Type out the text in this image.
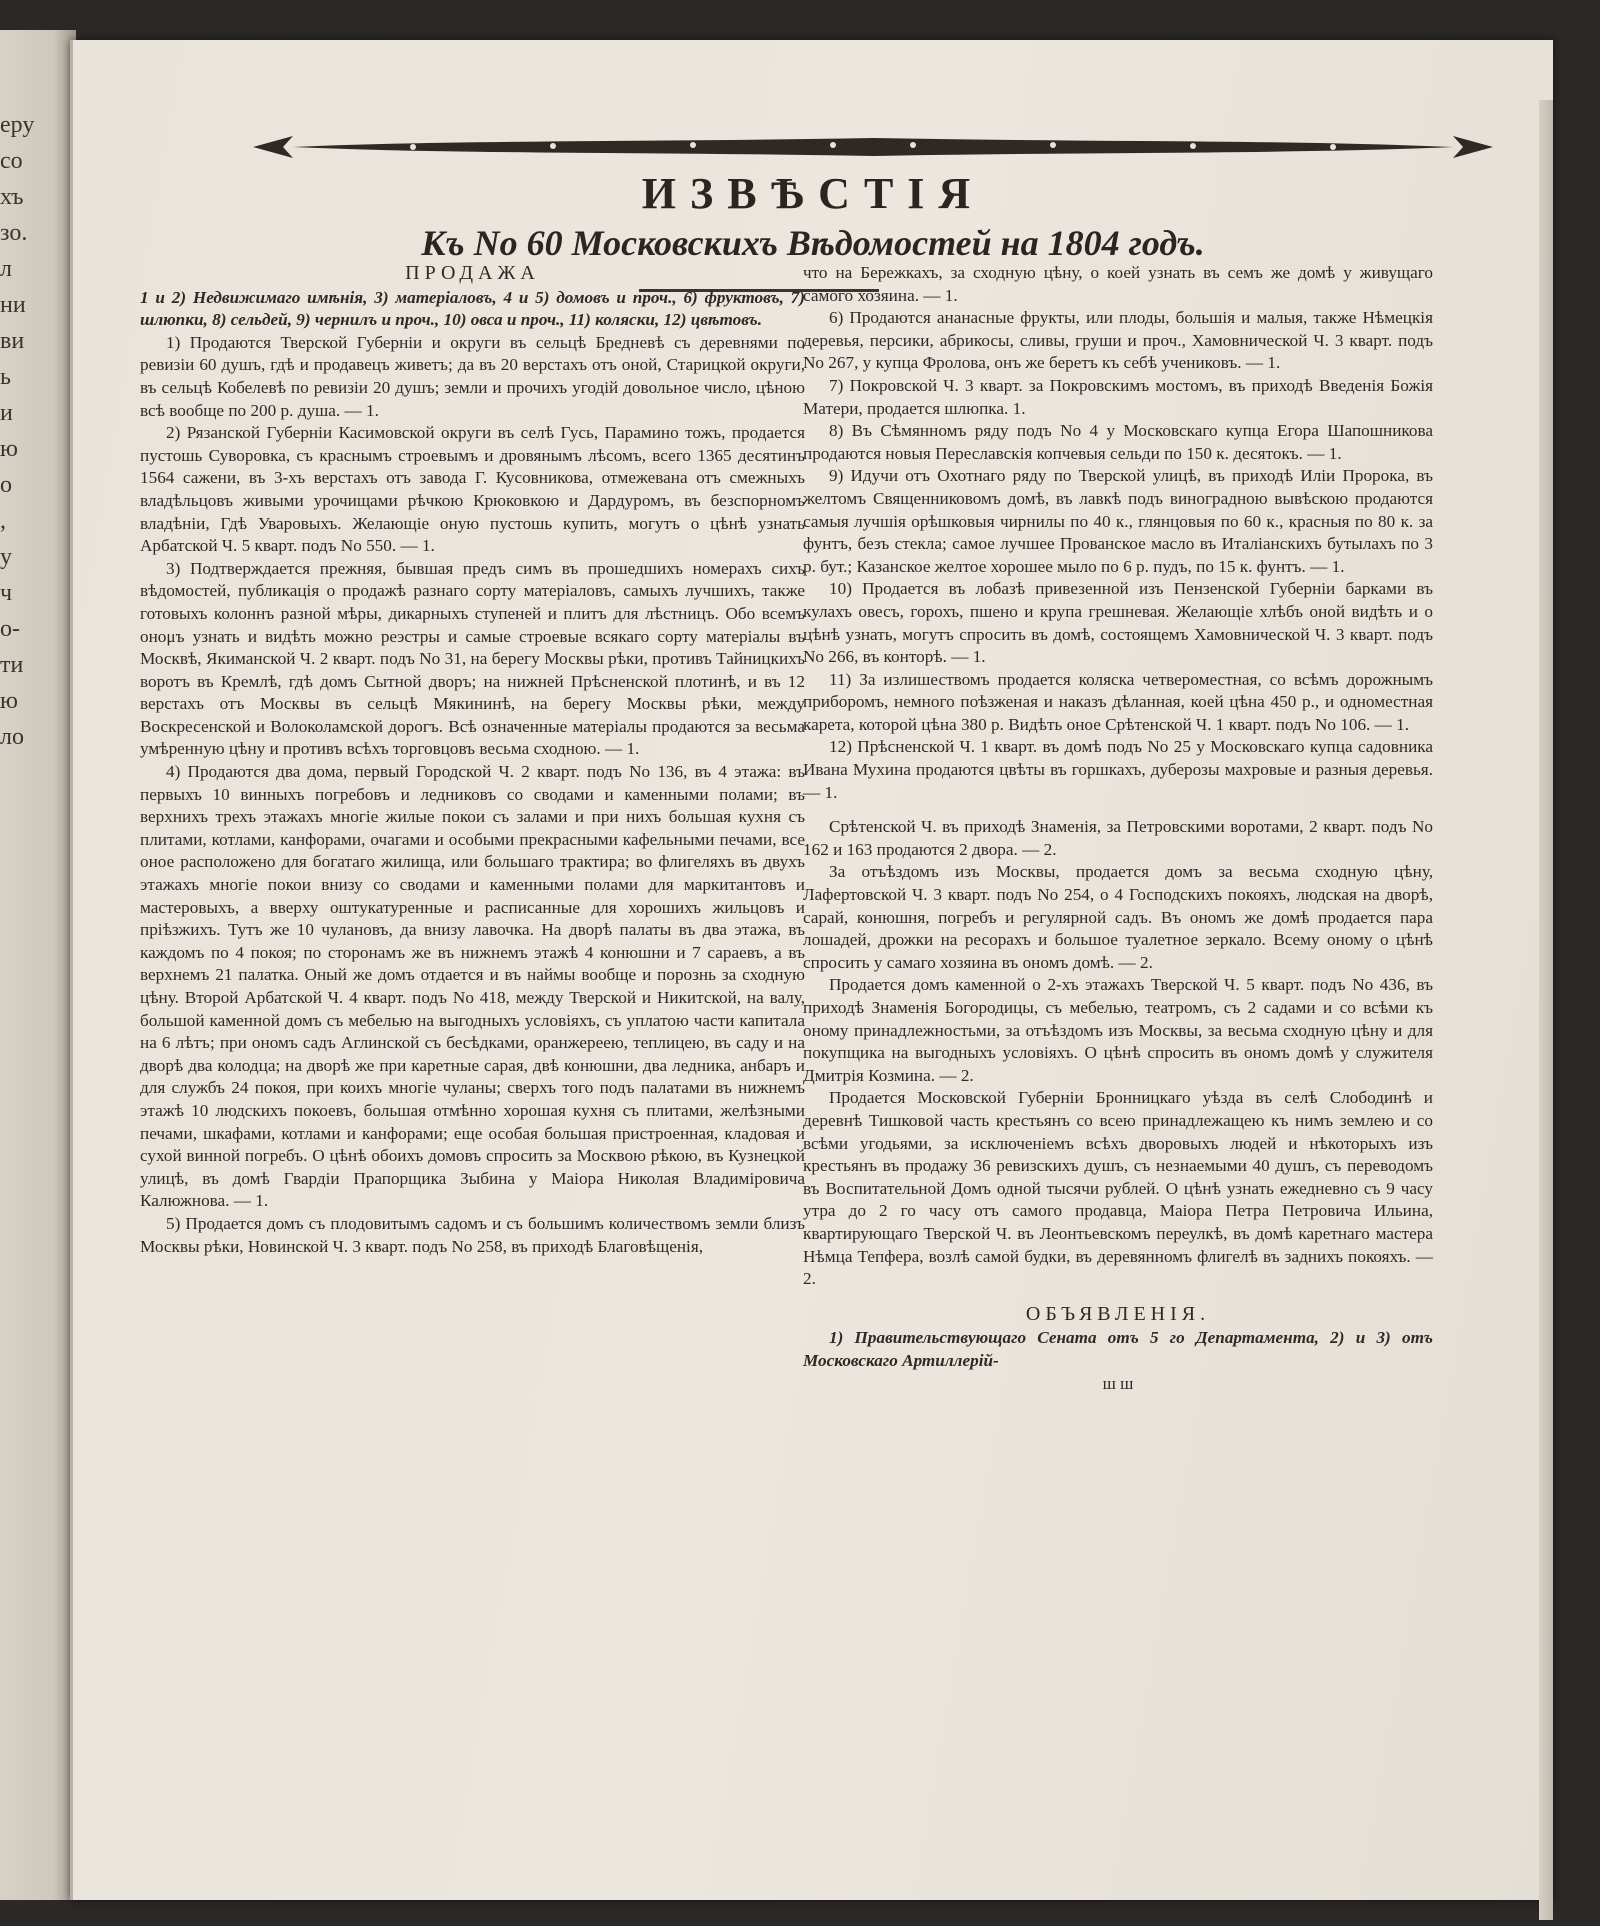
еру
со
хъ
зо.
л
ни
ви
ь
и
ю
о
,
у
ч
о-
ти
ю
ло
ИЗВѢСТІЯ
Къ No 60 Московскихъ Вѣдомостей на 1804 годъ.

ПРОДАЖА

1 и 2) Недвижимаго имѣнія, 3) матеріаловъ, 4 и 5) домовъ и проч., 6) фруктовъ, 7) шлюпки, 8) сельдей, 9) чернилъ и проч., 10) овса и проч., 11) коляски, 12) цвѣтовъ.

1) Продаются Тверской Губерніи и округи въ сельцѣ Бредневѣ съ деревнями по ревизіи 60 душъ, гдѣ и продавецъ живетъ; да въ 20 верстахъ отъ оной, Старицкой округи, въ сельцѣ Кобелевѣ по ревизіи 20 душъ; земли и прочихъ угодій довольное число, цѣною всѣ вообще по 200 р. душа. — 1.

2) Рязанской Губерніи Касимовской округи въ селѣ Гусь, Парамино тожъ, продается пустошь Суворовка, съ краснымъ строевымъ и дровянымъ лѣсомъ, всего 1365 десятинъ 1564 сажени, въ 3-хъ верстахъ отъ завода Г. Кусовникова, отмежевана отъ смежныхъ владѣльцовъ живыми урочищами рѣчкою Крюковкою и Дардуромъ, въ безспорномъ владѣніи, Гдѣ Уваровыхъ. Желающіе оную пустошь купить, могутъ о цѣнѣ узнать Арбатской Ч. 5 кварт. подъ No 550. — 1.

3) Подтверждается прежняя, бывшая предъ симъ въ прошедшихъ номерахъ сихъ вѣдомостей, публикація о продажѣ разнаго сорту матеріаловъ, самыхъ лучшихъ, также готовыхъ колоннъ разной мѣры, дикарныхъ ступеней и плитъ для лѣстницъ. Обо всемъ онομъ узнать и видѣть можно реэстры и самые строевые всякаго сорту матеріалы въ Москвѣ, Якиманской Ч. 2 кварт. подъ No 31, на берегу Москвы рѣки, противъ Тайницкихъ воротъ въ Кремлѣ, гдѣ домъ Сытной дворъ; на нижней Прѣсненской плотинѣ, и въ 12 верстахъ отъ Москвы въ сельцѣ Мякининѣ, на берегу Москвы рѣки, между Воскресенской и Волоколамской дорогъ. Всѣ означенные матеріалы продаются за весьма умѣренную цѣну и противъ всѣхъ торговцовъ весьма сходною. — 1.

4) Продаются два дома, первый Городской Ч. 2 кварт. подъ No 136, въ 4 этажа: въ первыхъ 10 винныхъ погребовъ и ледниковъ со сводами и каменными полами; въ верхнихъ трехъ этажахъ многіе жилые покои съ залами и при нихъ большая кухня съ плитами, котлами, канфорами, очагами и особыми прекрасными кафельными печами, все оное расположено для богатаго жилища, или большаго трактира; во флигеляхъ въ двухъ этажахъ многіе покои внизу со сводами и каменными полами для маркитантовъ и мастеровыхъ, а вверху оштукатуренные и расписанные для хорошихъ жильцовъ и пріѣзжихъ. Тутъ же 10 чулановъ, да внизу лавочка. На дворѣ палаты въ два этажа, въ каждомъ по 4 покоя; по сторонамъ же въ нижнемъ этажѣ 4 конюшни и 7 сараевъ, а въ верхнемъ 21 палатка. Оный же домъ отдается и въ наймы вообще и порознь за сходную цѣну. Второй Арбатской Ч. 4 кварт. подъ No 418, между Тверской и Никитской, на валу, большой каменной домъ съ мебелью на выгодныхъ условіяхъ, съ уплатою части капитала на 6 лѣтъ; при ономъ садъ Аглинской съ бесѣдками, оранжереею, теплицею, въ саду и на дворѣ два колодца; на дворѣ же при каретные сарая, двѣ конюшни, два ледника, анбаръ и для службъ 24 покоя, при коихъ многіе чуланы; сверхъ того подъ палатами въ нижнемъ этажѣ 10 людскихъ покоевъ, большая отмѣнно хорошая кухня съ плитами, желѣзными печами, шкафами, котлами и канфорами; еще особая большая пристроенная, кладовая и сухой винной погребъ. О цѣнѣ обоихъ домовъ спросить за Москвою рѣкою, въ Кузнецкой улицѣ, въ домѣ Гвардіи Прапорщика Зыбина у Маіора Николая Владиміровича Калюжнова. — 1.

5) Продается домъ съ плодовитымъ садомъ и съ большимъ количествомъ земли близъ Москвы рѣки, Новинской Ч. 3 кварт. подъ No 258, въ приходѣ Благовѣщенія,

что на Бережкахъ, за сходную цѣну, о коей узнать въ семъ же домѣ у живущаго самого хозяина. — 1.

6) Продаются ананасные фрукты, или плоды, большія и малыя, также Нѣмецкія деревья, персики, абрикосы, сливы, груши и проч., Хамовнической Ч. 3 кварт. подъ No 267, у купца Фролова, онъ же беретъ къ себѣ учениковъ. — 1.

7) Покровской Ч. 3 кварт. за Покровскимъ мостомъ, въ приходѣ Введенія Божія Матери, продается шлюпка. 1.

8) Въ Сѣмянномъ ряду подъ No 4 у Московскаго купца Егора Шапошникова продаются новыя Переславскія копчевыя сельди по 150 к. десятокъ. — 1.

9) Идучи отъ Охотнаго ряду по Тверской улицѣ, въ приходѣ Иліи Пророка, въ желтомъ Священниковомъ домѣ, въ лавкѣ подъ виноградною вывѣскою продаются самыя лучшія орѣшковыя чирнилы по 40 к., глянцовыя по 60 к., красныя по 80 к. за фунтъ, безъ стекла; самое лучшее Прованское масло въ Италіанскихъ бутылахъ по 3 р. бут.; Казанское желтое хорошее мыло по 6 р. пудъ, по 15 к. фунтъ. — 1.

10) Продается въ лобазѣ привезенной изъ Пензенской Губерніи барками въ кулахъ овесъ, горохъ, пшено и крупа грешневая. Желающіе хлѣбъ оной видѣть и о цѣнѣ узнать, могутъ спросить въ домѣ, состоящемъ Хамовнической Ч. 3 кварт. подъ No 266, въ конторѣ. — 1.

11) За излишествомъ продается коляска четвероместная, со всѣмъ дорожнымъ приборомъ, немного поѣзженая и наказъ дѣланная, коей цѣна 450 р., и одноместная карета, которой цѣна 380 р. Видѣть оное Срѣтенской Ч. 1 кварт. подъ No 106. — 1.

12) Прѣсненской Ч. 1 кварт. въ домѣ подъ No 25 у Московскаго купца садовника Ивана Мухина продаются цвѣты въ горшкахъ, дуберозы махровые и разныя деревья. — 1.

Срѣтенской Ч. въ приходѣ Знаменія, за Петровскими воротами, 2 кварт. подъ No 162 и 163 продаются 2 двора. — 2.

За отъѣздомъ изъ Москвы, продается домъ за весьма сходную цѣну, Лафертовской Ч. 3 кварт. подъ No 254, о 4 Господскихъ покояхъ, людская на дворѣ, сарай, конюшня, погребъ и регулярной садъ. Въ ономъ же домѣ продается пара лошадей, дрожки на ресорахъ и большое туалетное зеркало. Всему оному о цѣнѣ спросить у самаго хозяина въ ономъ домѣ. — 2.

Продается домъ каменной о 2-хъ этажахъ Тверской Ч. 5 кварт. подъ No 436, въ приходѣ Знаменія Богородицы, съ мебелью, театромъ, съ 2 садами и со всѣми къ оному принадлежностьми, за отъѣздомъ изъ Москвы, за весьма сходную цѣну и для покупщика на выгодныхъ условіяхъ. О цѣнѣ спросить въ ономъ домѣ у служителя Дмитрія Козмина. — 2.

Продается Московской Губерніи Бронницкаго уѣзда въ селѣ Слободинѣ и деревнѣ Тишковой часть крестьянъ со всею принадлежащею къ нимъ землею и со всѣми угодьями, за исключеніемъ всѣхъ дворовыхъ людей и нѣкоторыхъ изъ крестьянъ въ продажу 36 ревизскихъ душъ, съ незнаемыми 40 душъ, съ переводомъ въ Воспитательной Домъ одной тысячи рублей. О цѣнѣ узнать ежедневно съ 9 часу утра до 2 го часу отъ самого продавца, Маіора Петра Петровича Ильина, квартирующаго Тверской Ч. въ Леонтьевскомъ переулкѣ, въ домѣ каретнаго мастера Нѣмца Тепфера, возлѣ самой будки, въ деревянномъ флигелѣ въ заднихъ покояхъ. — 2.

ОБЪЯВЛЕНІЯ.

1) Правительствующаго Сената отъ 5 го Департамента, 2) и 3) отъ Московскаго Артиллерій-

ш ш
